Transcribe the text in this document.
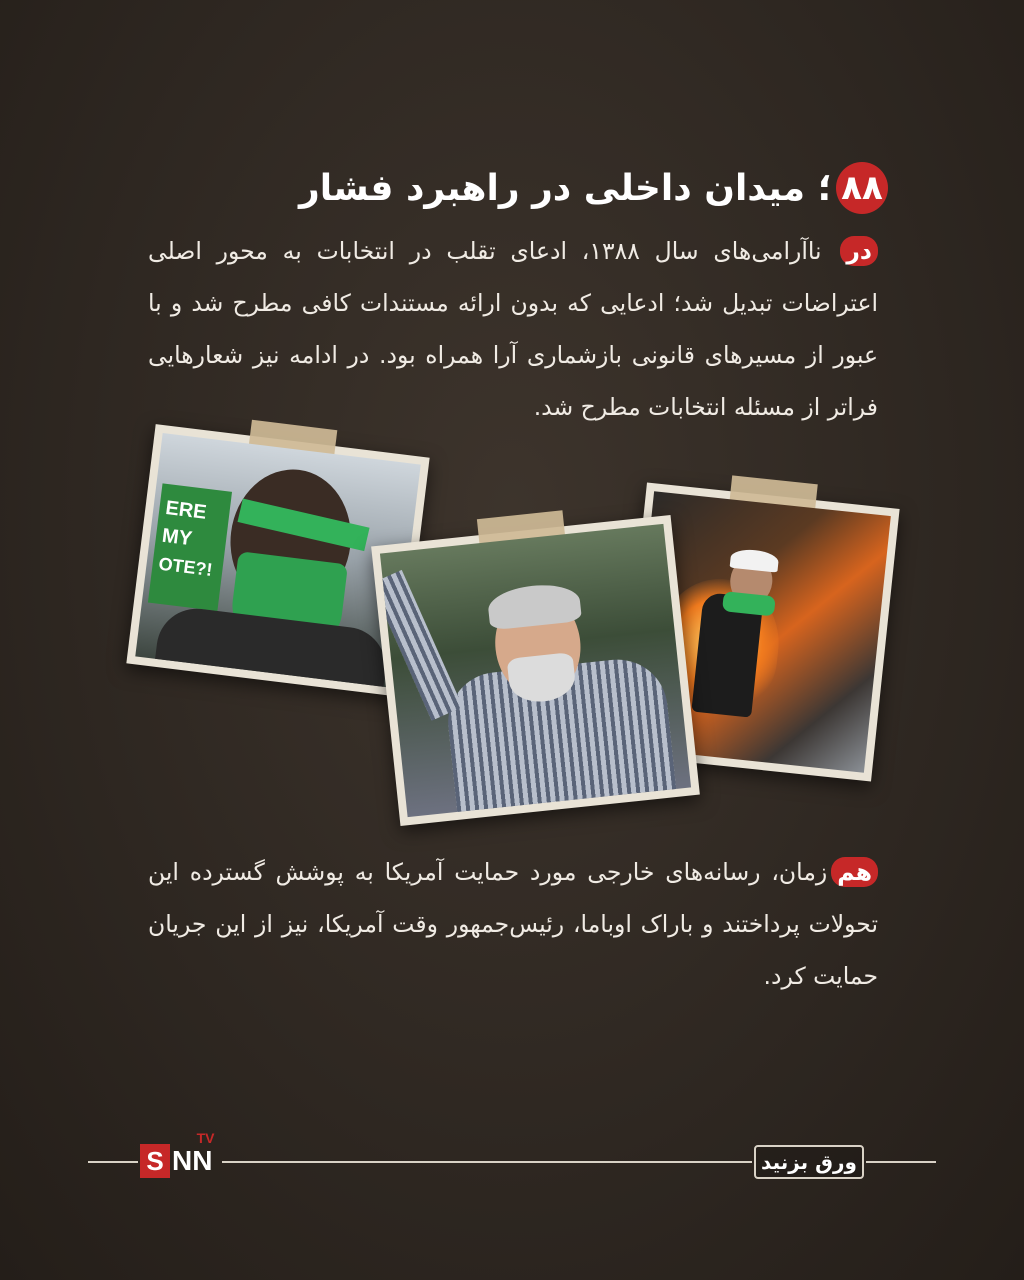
۸۸
؛ میدان داخلی در راهبرد فشار
در ناآرامی‌های سال ۱۳۸۸، ادعای تقلب در انتخابات به محور اصلی اعتراضات تبدیل شد؛ ادعایی که بدون ارائه مستندات کافی مطرح شد و با عبور از مسیرهای قانونی بازشماری آرا همراه بود. در ادامه نیز شعارهایی فراتر از مسئله انتخابات مطرح شد.
ERE
MY
OTE?!
همزمان، رسانه‌های خارجی مورد حمایت آمریکا به پوشش گسترده این تحولات پرداختند و باراک اوباما، رئیس‌جمهور وقت آمریکا، نیز از این جریان حمایت کرد.
S NN
TV
ورق بزنید
